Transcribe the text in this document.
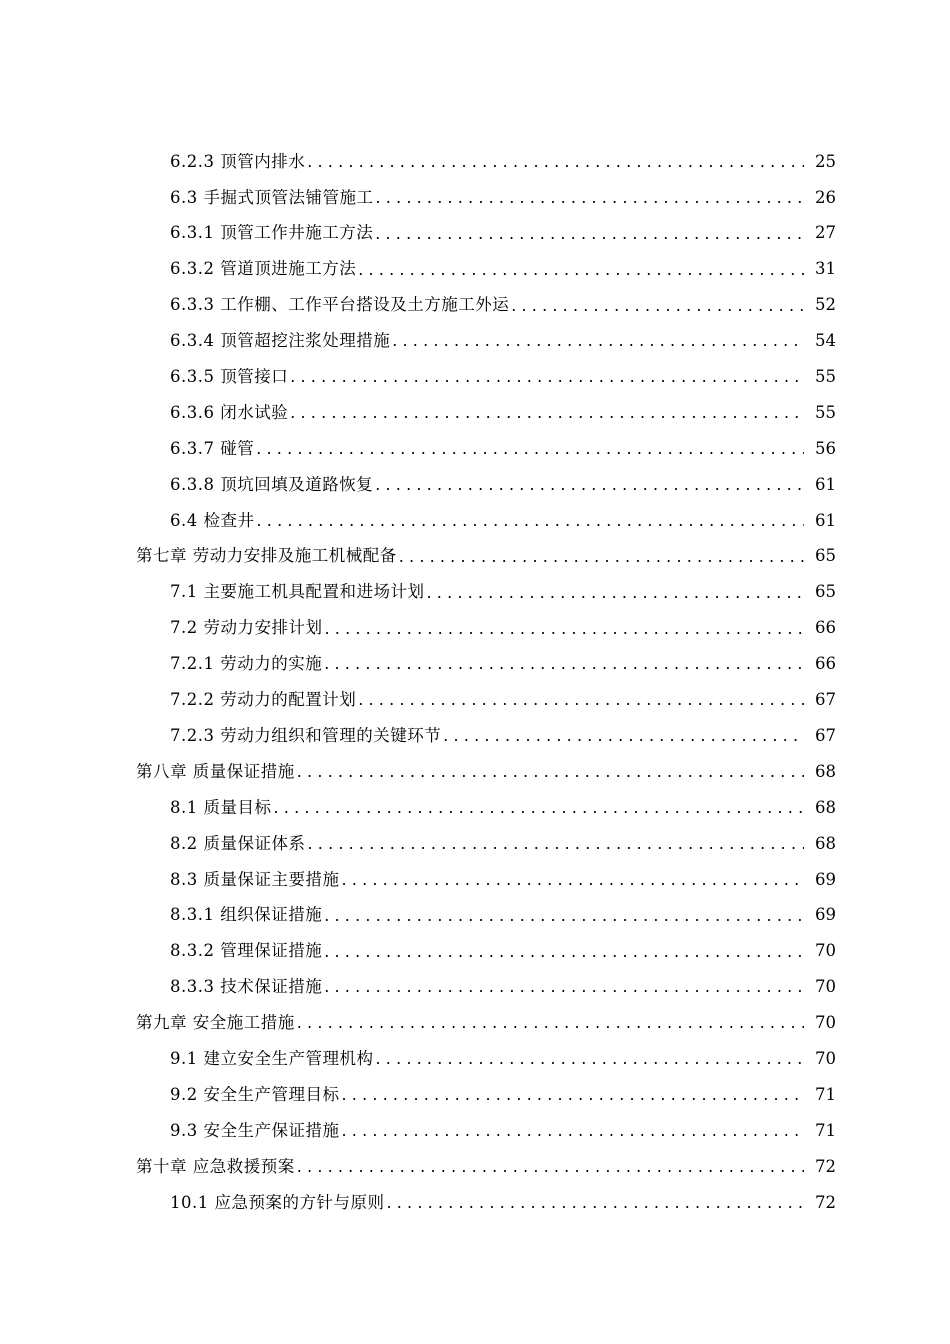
6.2.3 顶管内排水 .....	25
6.3 手掘式顶管法铺管施工 .....	26
6.3.1 顶管工作井施工方法 .....	27
6.3.2 管道顶进施工方法 .....	31
6.3.3 工作棚、工作平台搭设及土方施工外运 .....	52
6.3.4 顶管超挖注浆处理措施 .....	54
6.3.5 顶管接口 .....	55
6.3.6 闭水试验 .....	55
6.3.7 碰管 .....	56
6.3.8 顶坑回填及道路恢复 .....	61
6.4 检查井 .....	61
第七章 劳动力安排及施工机械配备 .....	65
7.1 主要施工机具配置和进场计划 .....	65
7.2 劳动力安排计划 .....	66
7.2.1 劳动力的实施 .....	66
7.2.2 劳动力的配置计划 .....	67
7.2.3 劳动力组织和管理的关键环节 .....	67
第八章 质量保证措施 .....	68
8.1 质量目标 .....	68
8.2 质量保证体系 .....	68
8.3 质量保证主要措施 .....	69
8.3.1 组织保证措施 .....	69
8.3.2 管理保证措施 .....	70
8.3.3 技术保证措施 .....	70
第九章 安全施工措施 .....	70
9.1 建立安全生产管理机构 .....	70
9.2 安全生产管理目标 .....	71
9.3 安全生产保证措施 .....	71
第十章 应急救援预案 .....	72
10.1 应急预案的方针与原则 .....	72
